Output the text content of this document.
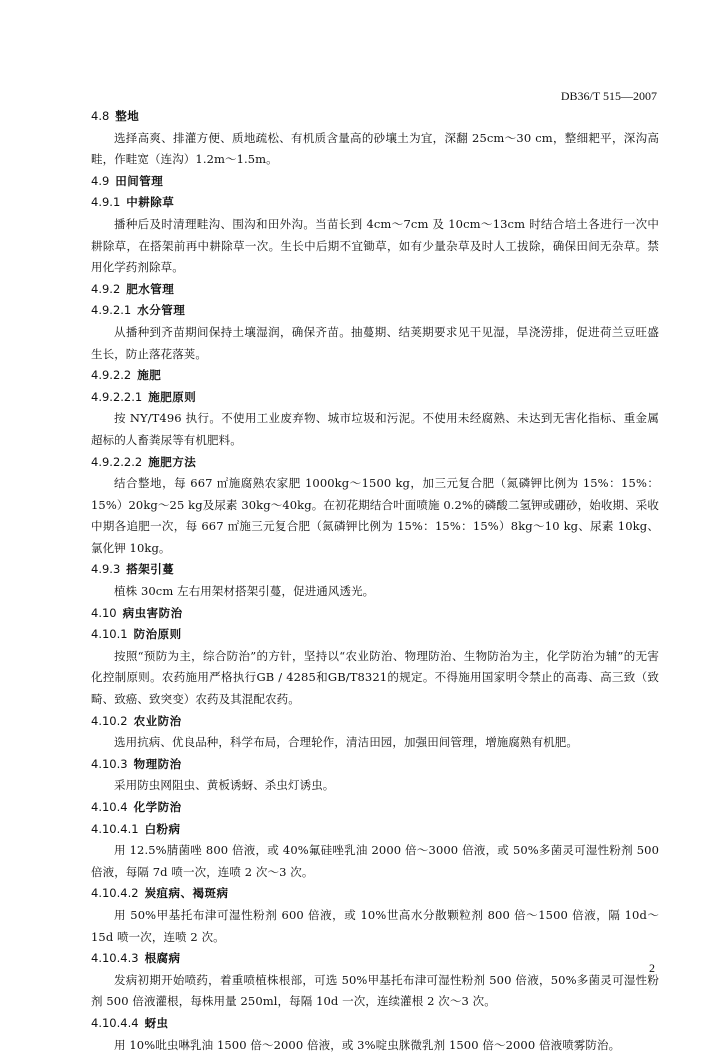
DB36/T 515—2007
4.8 整地
选择高爽、排灌方便、质地疏松、有机质含量高的砂壤土为宜，深翻 25cm～30 cm，整细耙平，深沟高畦，作畦宽（连沟）1.2m～1.5m。
4.9 田间管理
4.9.1 中耕除草
播种后及时清理畦沟、围沟和田外沟。当苗长到 4cm～7cm 及 10cm～13cm 时结合培土各进行一次中耕除草，在搭架前再中耕除草一次。生长中后期不宜锄草，如有少量杂草及时人工拔除，确保田间无杂草。禁用化学药剂除草。
4.9.2 肥水管理
4.9.2.1 水分管理
从播种到齐苗期间保持土壤湿润，确保齐苗。抽蔓期、结荚期要求见干见湿，旱浇涝排，促进荷兰豆旺盛生长，防止落花落荚。
4.9.2.2 施肥
4.9.2.2.1 施肥原则
按 NY/T496 执行。不使用工业废弃物、城市垃圾和污泥。不使用未经腐熟、未达到无害化指标、重金属超标的人畜粪尿等有机肥料。
4.9.2.2.2 施肥方法
结合整地，每 667 ㎡施腐熟农家肥 1000kg～1500 kg，加三元复合肥（氮磷钾比例为 15%：15%：15%）20kg～25 kg及尿素 30kg～40kg。在初花期结合叶面喷施 0.2%的磷酸二氢钾或硼砂，始收期、采收中期各追肥一次，每 667 ㎡施三元复合肥（氮磷钾比例为 15%：15%：15%）8kg～10 kg、尿素 10kg、氯化钾 10kg。
4.9.3 搭架引蔓
植株 30cm 左右用架材搭架引蔓，促进通风透光。
4.10 病虫害防治
4.10.1 防治原则
按照“预防为主，综合防治”的方针，坚持以“农业防治、物理防治、生物防治为主，化学防治为辅”的无害化控制原则。农药施用严格执行GB / 4285和GB/T8321的规定。不得施用国家明令禁止的高毒、高三致（致畸、致癌、致突变）农药及其混配农药。
4.10.2 农业防治
选用抗病、优良品种，科学布局，合理轮作，清洁田园，加强田间管理，增施腐熟有机肥。
4.10.3 物理防治
采用防虫网阻虫、黄板诱蚜、杀虫灯诱虫。
4.10.4 化学防治
4.10.4.1 白粉病
用 12.5%腈菌唑 800 倍液，或 40%氟硅唑乳油 2000 倍～3000 倍液，或 50%多菌灵可湿性粉剂 500 倍液，每隔 7d 喷一次，连喷 2 次～3 次。
4.10.4.2 炭疽病、褐斑病
用 50%甲基托布津可湿性粉剂 600 倍液，或 10%世高水分散颗粒剂 800 倍～1500 倍液，隔 10d～15d 喷一次，连喷 2 次。
4.10.4.3 根腐病
发病初期开始喷药，着重喷植株根部，可选 50%甲基托布津可湿性粉剂 500 倍液，50%多菌灵可湿性粉剂 500 倍液灌根，每株用量 250ml，每隔 10d 一次，连续灌根 2 次～3 次。
4.10.4.4 蚜虫
用 10%吡虫啉乳油 1500 倍～2000 倍液，或 3%啶虫脒微乳剂 1500 倍～2000 倍液喷雾防治。
2
